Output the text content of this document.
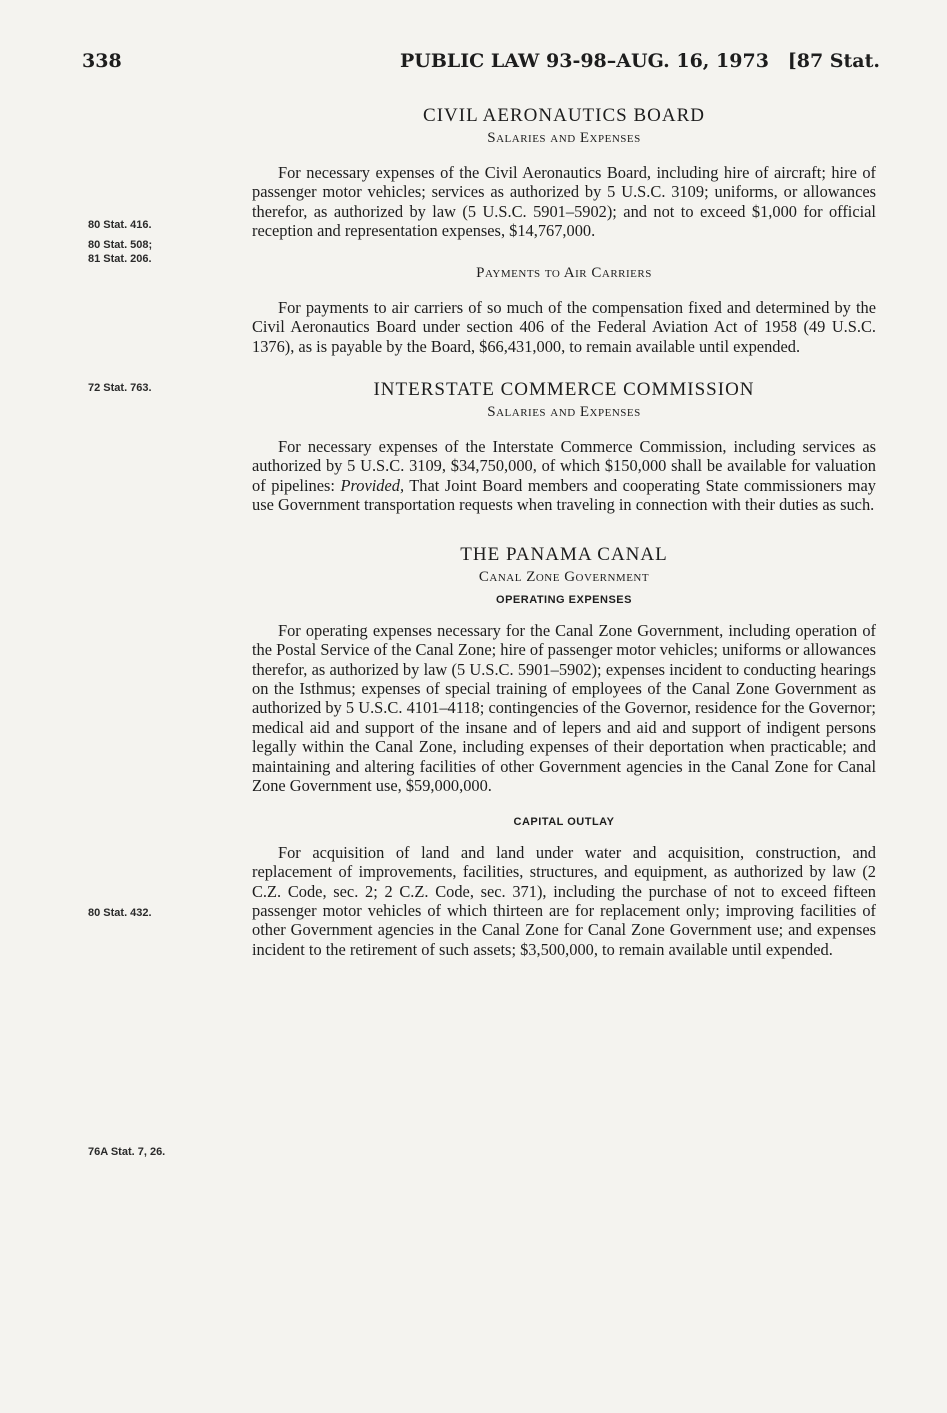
338	PUBLIC LAW 93-98–AUG. 16, 1973 [87 Stat.
80 Stat. 416.
80 Stat. 508;
81 Stat. 206.
72 Stat. 763.
80 Stat. 432.
76A Stat. 7, 26.
CIVIL AERONAUTICS BOARD
Salaries and Expenses

For necessary expenses of the Civil Aeronautics Board, including hire of aircraft; hire of passenger motor vehicles; services as authorized by 5 U.S.C. 3109; uniforms, or allowances therefor, as authorized by law (5 U.S.C. 5901–5902); and not to exceed $1,000 for official reception and representation expenses, $14,767,000.

Payments to Air Carriers

For payments to air carriers of so much of the compensation fixed and determined by the Civil Aeronautics Board under section 406 of the Federal Aviation Act of 1958 (49 U.S.C. 1376), as is payable by the Board, $66,431,000, to remain available until expended.

INTERSTATE COMMERCE COMMISSION
Salaries and Expenses

For necessary expenses of the Interstate Commerce Commission, including services as authorized by 5 U.S.C. 3109, $34,750,000, of which $150,000 shall be available for valuation of pipelines: Provided, That Joint Board members and cooperating State commissioners may use Government transportation requests when traveling in connection with their duties as such.

THE PANAMA CANAL
Canal Zone Government
OPERATING EXPENSES

For operating expenses necessary for the Canal Zone Government, including operation of the Postal Service of the Canal Zone; hire of passenger motor vehicles; uniforms or allowances therefor, as authorized by law (5 U.S.C. 5901–5902); expenses incident to conducting hearings on the Isthmus; expenses of special training of employees of the Canal Zone Government as authorized by 5 U.S.C. 4101–4118; contingencies of the Governor, residence for the Governor; medical aid and support of the insane and of lepers and aid and support of indigent persons legally within the Canal Zone, including expenses of their deportation when practicable; and maintaining and altering facilities of other Government agencies in the Canal Zone for Canal Zone Government use, $59,000,000.

CAPITAL OUTLAY

For acquisition of land and land under water and acquisition, construction, and replacement of improvements, facilities, structures, and equipment, as authorized by law (2 C.Z. Code, sec. 2; 2 C.Z. Code, sec. 371), including the purchase of not to exceed fifteen passenger motor vehicles of which thirteen are for replacement only; improving facilities of other Government agencies in the Canal Zone for Canal Zone Government use; and expenses incident to the retirement of such assets; $3,500,000, to remain available until expended.
